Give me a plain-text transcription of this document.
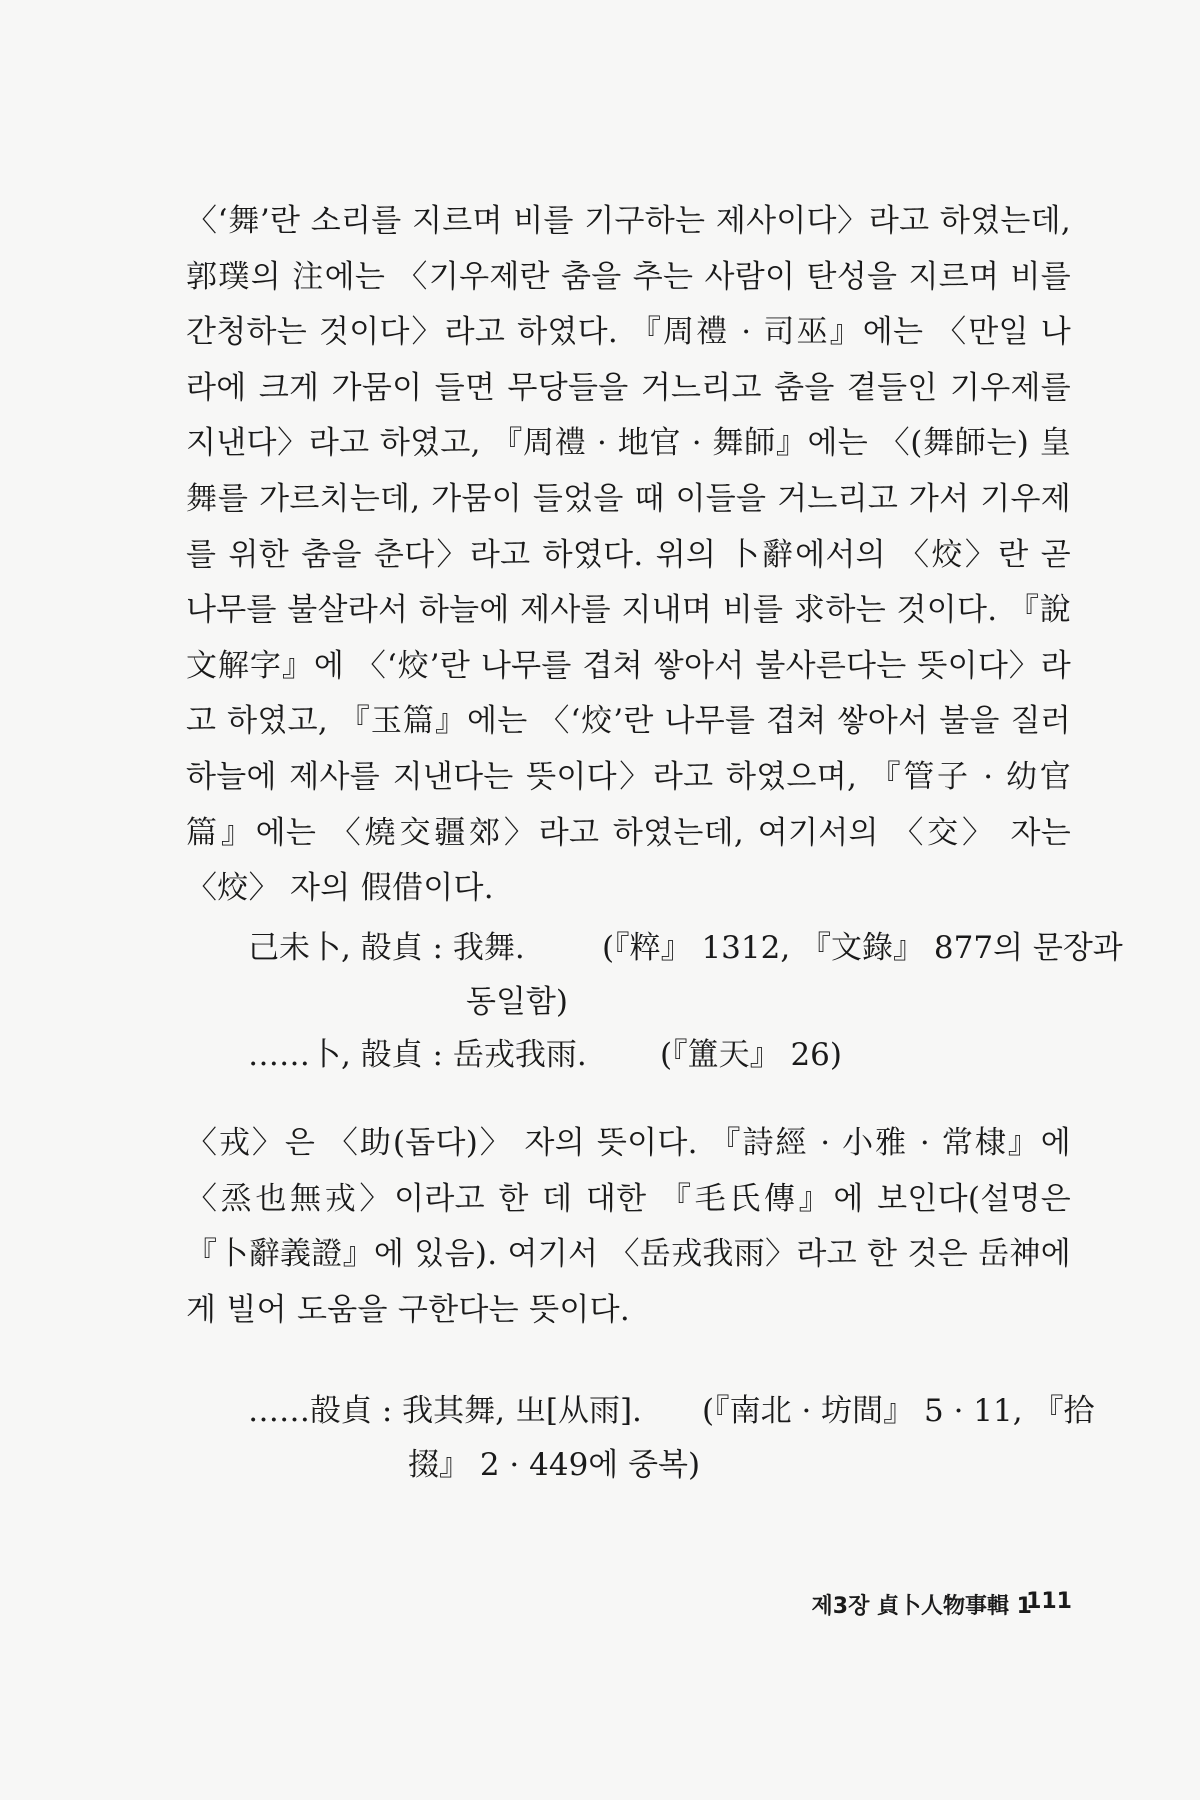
〈‘舞’란 소리를 지르며 비를 기구하는 제사이다〉라고 하였는데, 郭璞의 注에는 〈기우제란 춤을 추는 사람이 탄성을 지르며 비를 간청하는 것이다〉라고 하였다. 『周禮 · 司巫』에는 〈만일 나라에 크게 가뭄이 들면 무당들을 거느리고 춤을 곁들인 기우제를 지낸다〉라고 하였고, 『周禮 · 地官 · 舞師』에는 〈(舞師는) 皇舞를 가르치는데, 가뭄이 들었을 때 이들을 거느리고 가서 기우제를 위한 춤을 춘다〉라고 하였다. 위의 卜辭에서의 〈烄〉란 곧 나무를 불살라서 하늘에 제사를 지내며 비를 求하는 것이다. 『說文解字』에 〈‘烄’란 나무를 겹쳐 쌓아서 불사른다는 뜻이다〉라고 하였고, 『玉篇』에는 〈‘烄’란 나무를 겹쳐 쌓아서 불을 질러 하늘에 제사를 지낸다는 뜻이다〉라고 하였으며, 『管子 · 幼官篇』에는 〈燒交疆郊〉라고 하였는데, 여기서의 〈交〉 자는 〈烄〉 자의 假借이다.

己未卜, 㱿貞 : 我舞. (『粹』 1312, 『文錄』 877의 문장과
동일함)
……卜, 㱿貞 : 岳戎我雨. (『簠天』 26)

〈戎〉은 〈助(돕다)〉 자의 뜻이다. 『詩經 · 小雅 · 常棣』에 〈烝也無戎〉이라고 한 데 대한 『毛氏傳』에 보인다(설명은 『卜辭義證』에 있음). 여기서 〈岳戎我雨〉라고 한 것은 岳神에게 빌어 도움을 구한다는 뜻이다.

……㱿貞 : 我其舞, 㞢[从雨]. (『南北 · 坊間』 5 · 11, 『拾
掇』 2 · 449에 중복)
제3장 貞卜人物事輯 1
111
